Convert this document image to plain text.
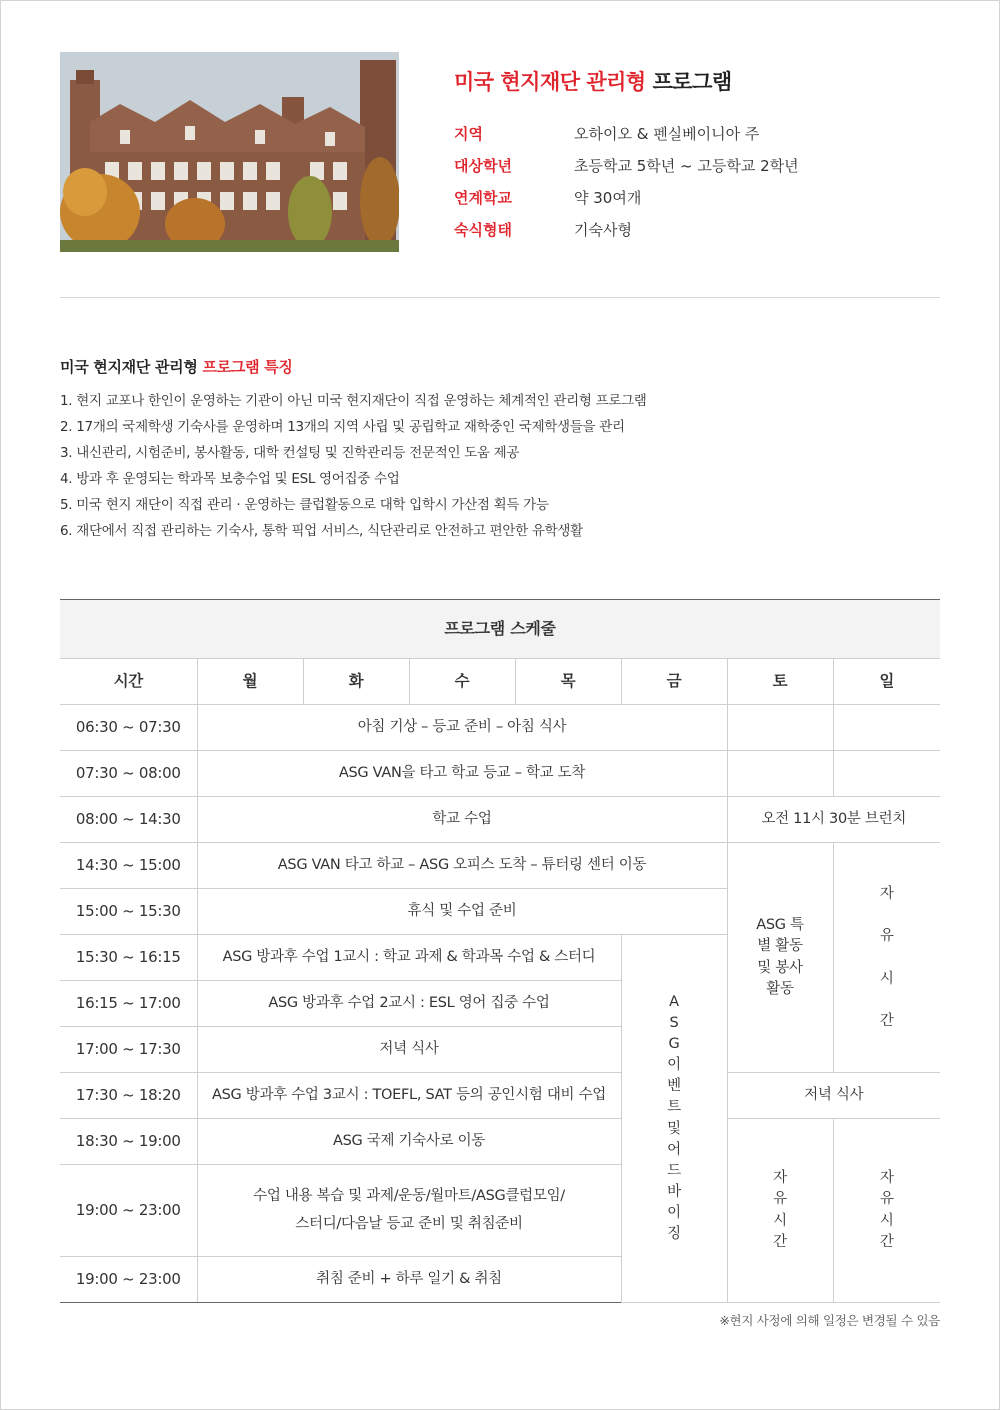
미국 현지재단 관리형 프로그램
지역	오하이오 & 펜실베이니아 주
대상학년	초등학교 5학년 ~ 고등학교 2학년
연계학교	약 30여개
숙식형태	기숙사형
미국 현지재단 관리형 프로그램 특징
1. 현지 교포나 한인이 운영하는 기관이 아닌 미국 현지재단이 직접 운영하는 체계적인 관리형 프로그램
2. 17개의 국제학생 기숙사를 운영하며 13개의 지역 사립 및 공립학교 재학중인 국제학생들을 관리
3. 내신관리, 시험준비, 봉사활동, 대학 컨설팅 및 진학관리등 전문적인 도움 제공
4. 방과 후 운영되는 학과목 보충수업 및 ESL 영어집중 수업
5. 미국 현지 재단이 직접 관리 · 운영하는 클럽활동으로 대학 입학시 가산점 획득 가능
6. 재단에서 직접 관리하는 기숙사, 통학 픽업 서비스, 식단관리로 안전하고 편안한 유학생활
프로그램 스케줄							
시간	월	화	수	목	금	토	일
06:30 ~ 07:30	아침 기상 – 등교 준비 – 아침 식사						
07:30 ~ 08:00	ASG VAN을 타고 학교 등교 – 학교 도착						
08:00 ~ 14:30	학교 수업					오전 11시 30분 브런치	
14:30 ~ 15:00	ASG VAN 타고 하교 – ASG 오피스 도착 – 튜터링 센터 이동					ASG 특별 활동 및 봉사 활동	자유시간
15:00 ~ 15:30	휴식 및 수업 준비						
15:30 ~ 16:15	ASG 방과후 수업 1교시 : 학교 과제 & 학과목 수업 & 스터디				ASG이벤트 및 어드바이징		
16:15 ~ 17:00	ASG 방과후 수업 2교시 : ESL 영어 집중 수업						
17:00 ~ 17:30	저녁 식사						
17:30 ~ 18:20	ASG 방과후 수업 3교시 : TOEFL, SAT 등의 공인시험 대비 수업					저녁 식사	
18:30 ~ 19:00	ASG 국제 기숙사로 이동					자유시간	자유시간
19:00 ~ 23:00	수업 내용 복습 및 과제/운동/월마트/ASG클럽모임/
스터디/다음날 등교 준비 및 취침준비						
19:00 ~ 23:00	취침 준비 + 하루 일기 & 취침						
※현지 사정에 의해 일정은 변경될 수 있음
